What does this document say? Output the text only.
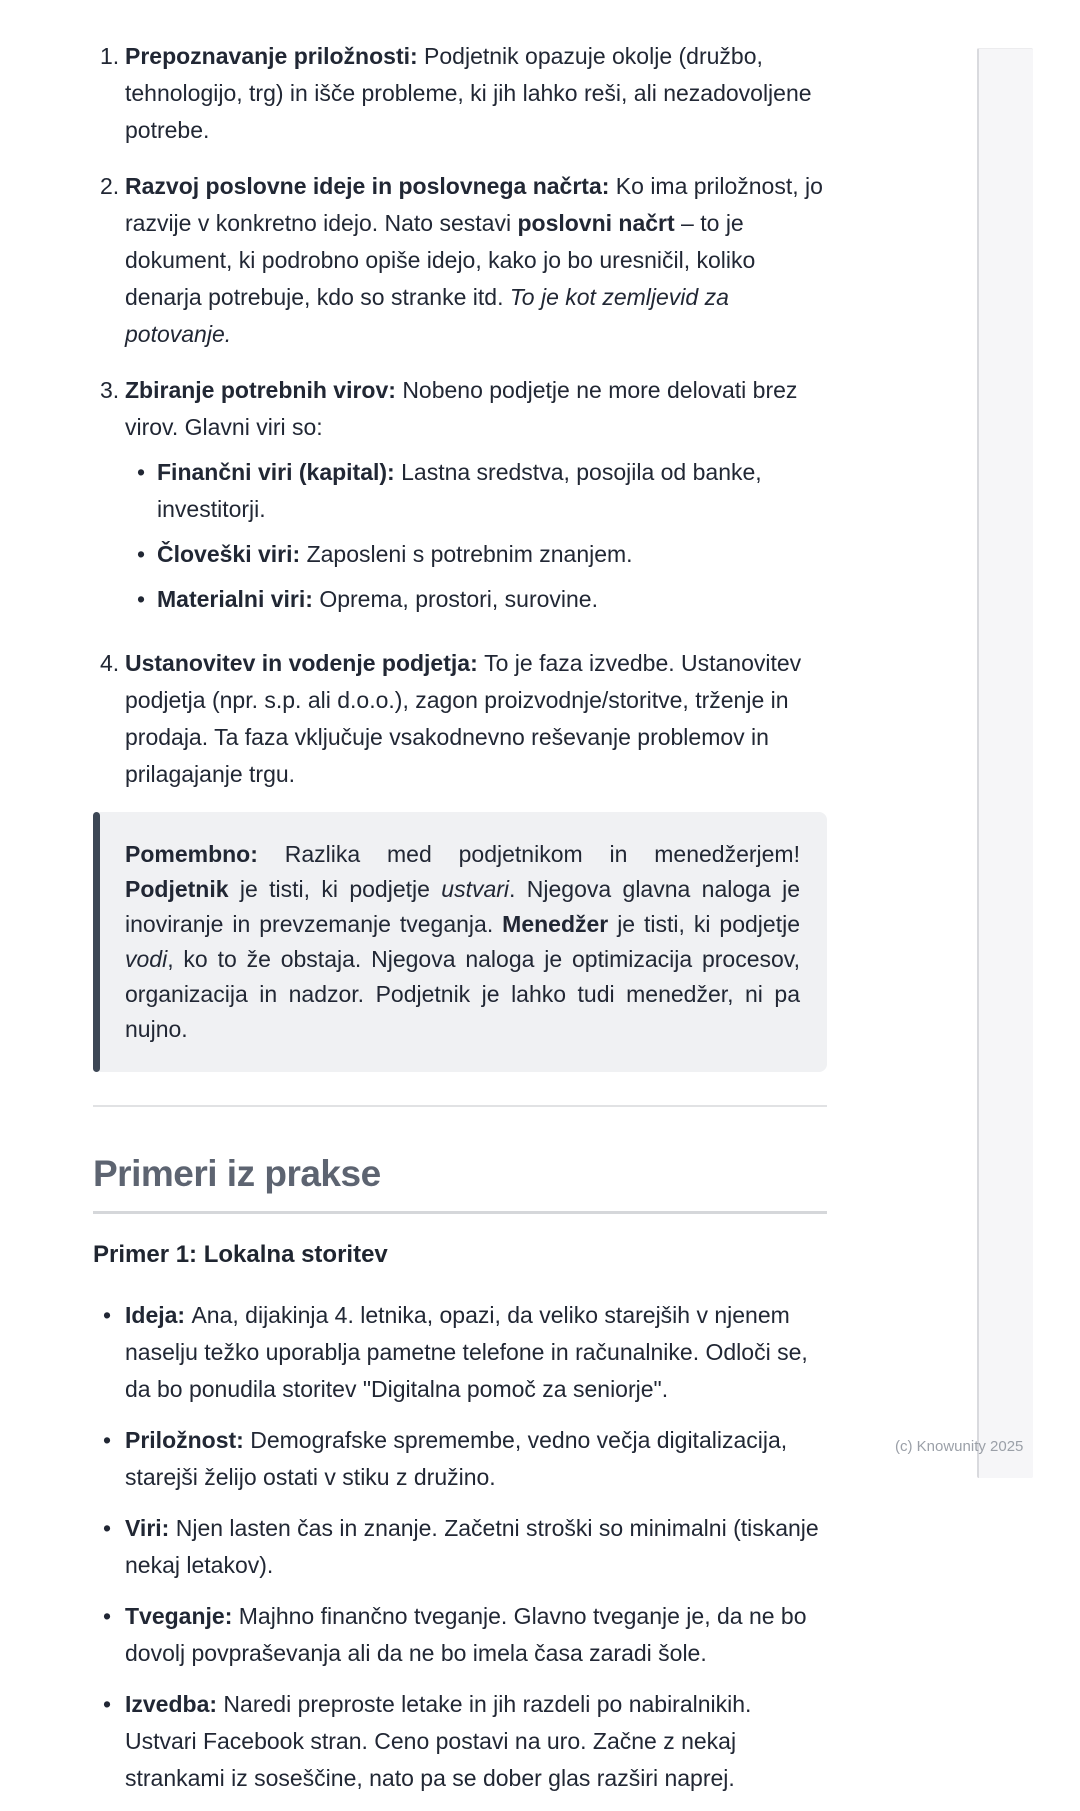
1. Prepoznavanje priložnosti: Podjetnik opazuje okolje (družbo, tehnologijo, trg) in išče probleme, ki jih lahko reši, ali nezadovoljene potrebe.
2. Razvoj poslovne ideje in poslovnega načrta: Ko ima priložnost, jo razvije v konkretno idejo. Nato sestavi poslovni načrt – to je dokument, ki podrobno opiše idejo, kako jo bo uresničil, koliko denarja potrebuje, kdo so stranke itd. To je kot zemljevid za potovanje.
3. Zbiranje potrebnih virov: Nobeno podjetje ne more delovati brez virov. Glavni viri so:
• Finančni viri (kapital): Lastna sredstva, posojila od banke, investitorji.
• Človeški viri: Zaposleni s potrebnim znanjem.
• Materialni viri: Oprema, prostori, surovine.
4. Ustanovitev in vodenje podjetja: To je faza izvedbe. Ustanovitev podjetja (npr. s.p. ali d.o.o.), zagon proizvodnje/storitve, trženje in prodaja. Ta faza vključuje vsakodnevno reševanje problemov in prilagajanje trgu.

Pomembno: Razlika med podjetnikom in menedžerjem! Podjetnik je tisti, ki podjetje ustvari. Njegova glavna naloga je inoviranje in prevzemanje tveganja. Menedžer je tisti, ki podjetje vodi, ko to že obstaja. Njegova naloga je optimizacija procesov, organizacija in nadzor. Podjetnik je lahko tudi menedžer, ni pa nujno.

Primeri iz prakse
Primer 1: Lokalna storitev
• Ideja: Ana, dijakinja 4. letnika, opazi, da veliko starejših v njenem naselju težko uporablja pametne telefone in računalnike. Odloči se, da bo ponudila storitev "Digitalna pomoč za seniorje".
• Priložnost: Demografske spremembe, vedno večja digitalizacija, starejši želijo ostati v stiku z družino.
• Viri: Njen lasten čas in znanje. Začetni stroški so minimalni (tiskanje nekaj letakov).
• Tveganje: Majhno finančno tveganje. Glavno tveganje je, da ne bo dovolj povpraševanja ali da ne bo imela časa zaradi šole.
• Izvedba: Naredi preproste letake in jih razdeli po nabiralnikih. Ustvari Facebook stran. Ceno postavi na uro. Začne z nekaj strankami iz soseščine, nato pa se dober glas razširi naprej.
(c) Knowunity 2025
